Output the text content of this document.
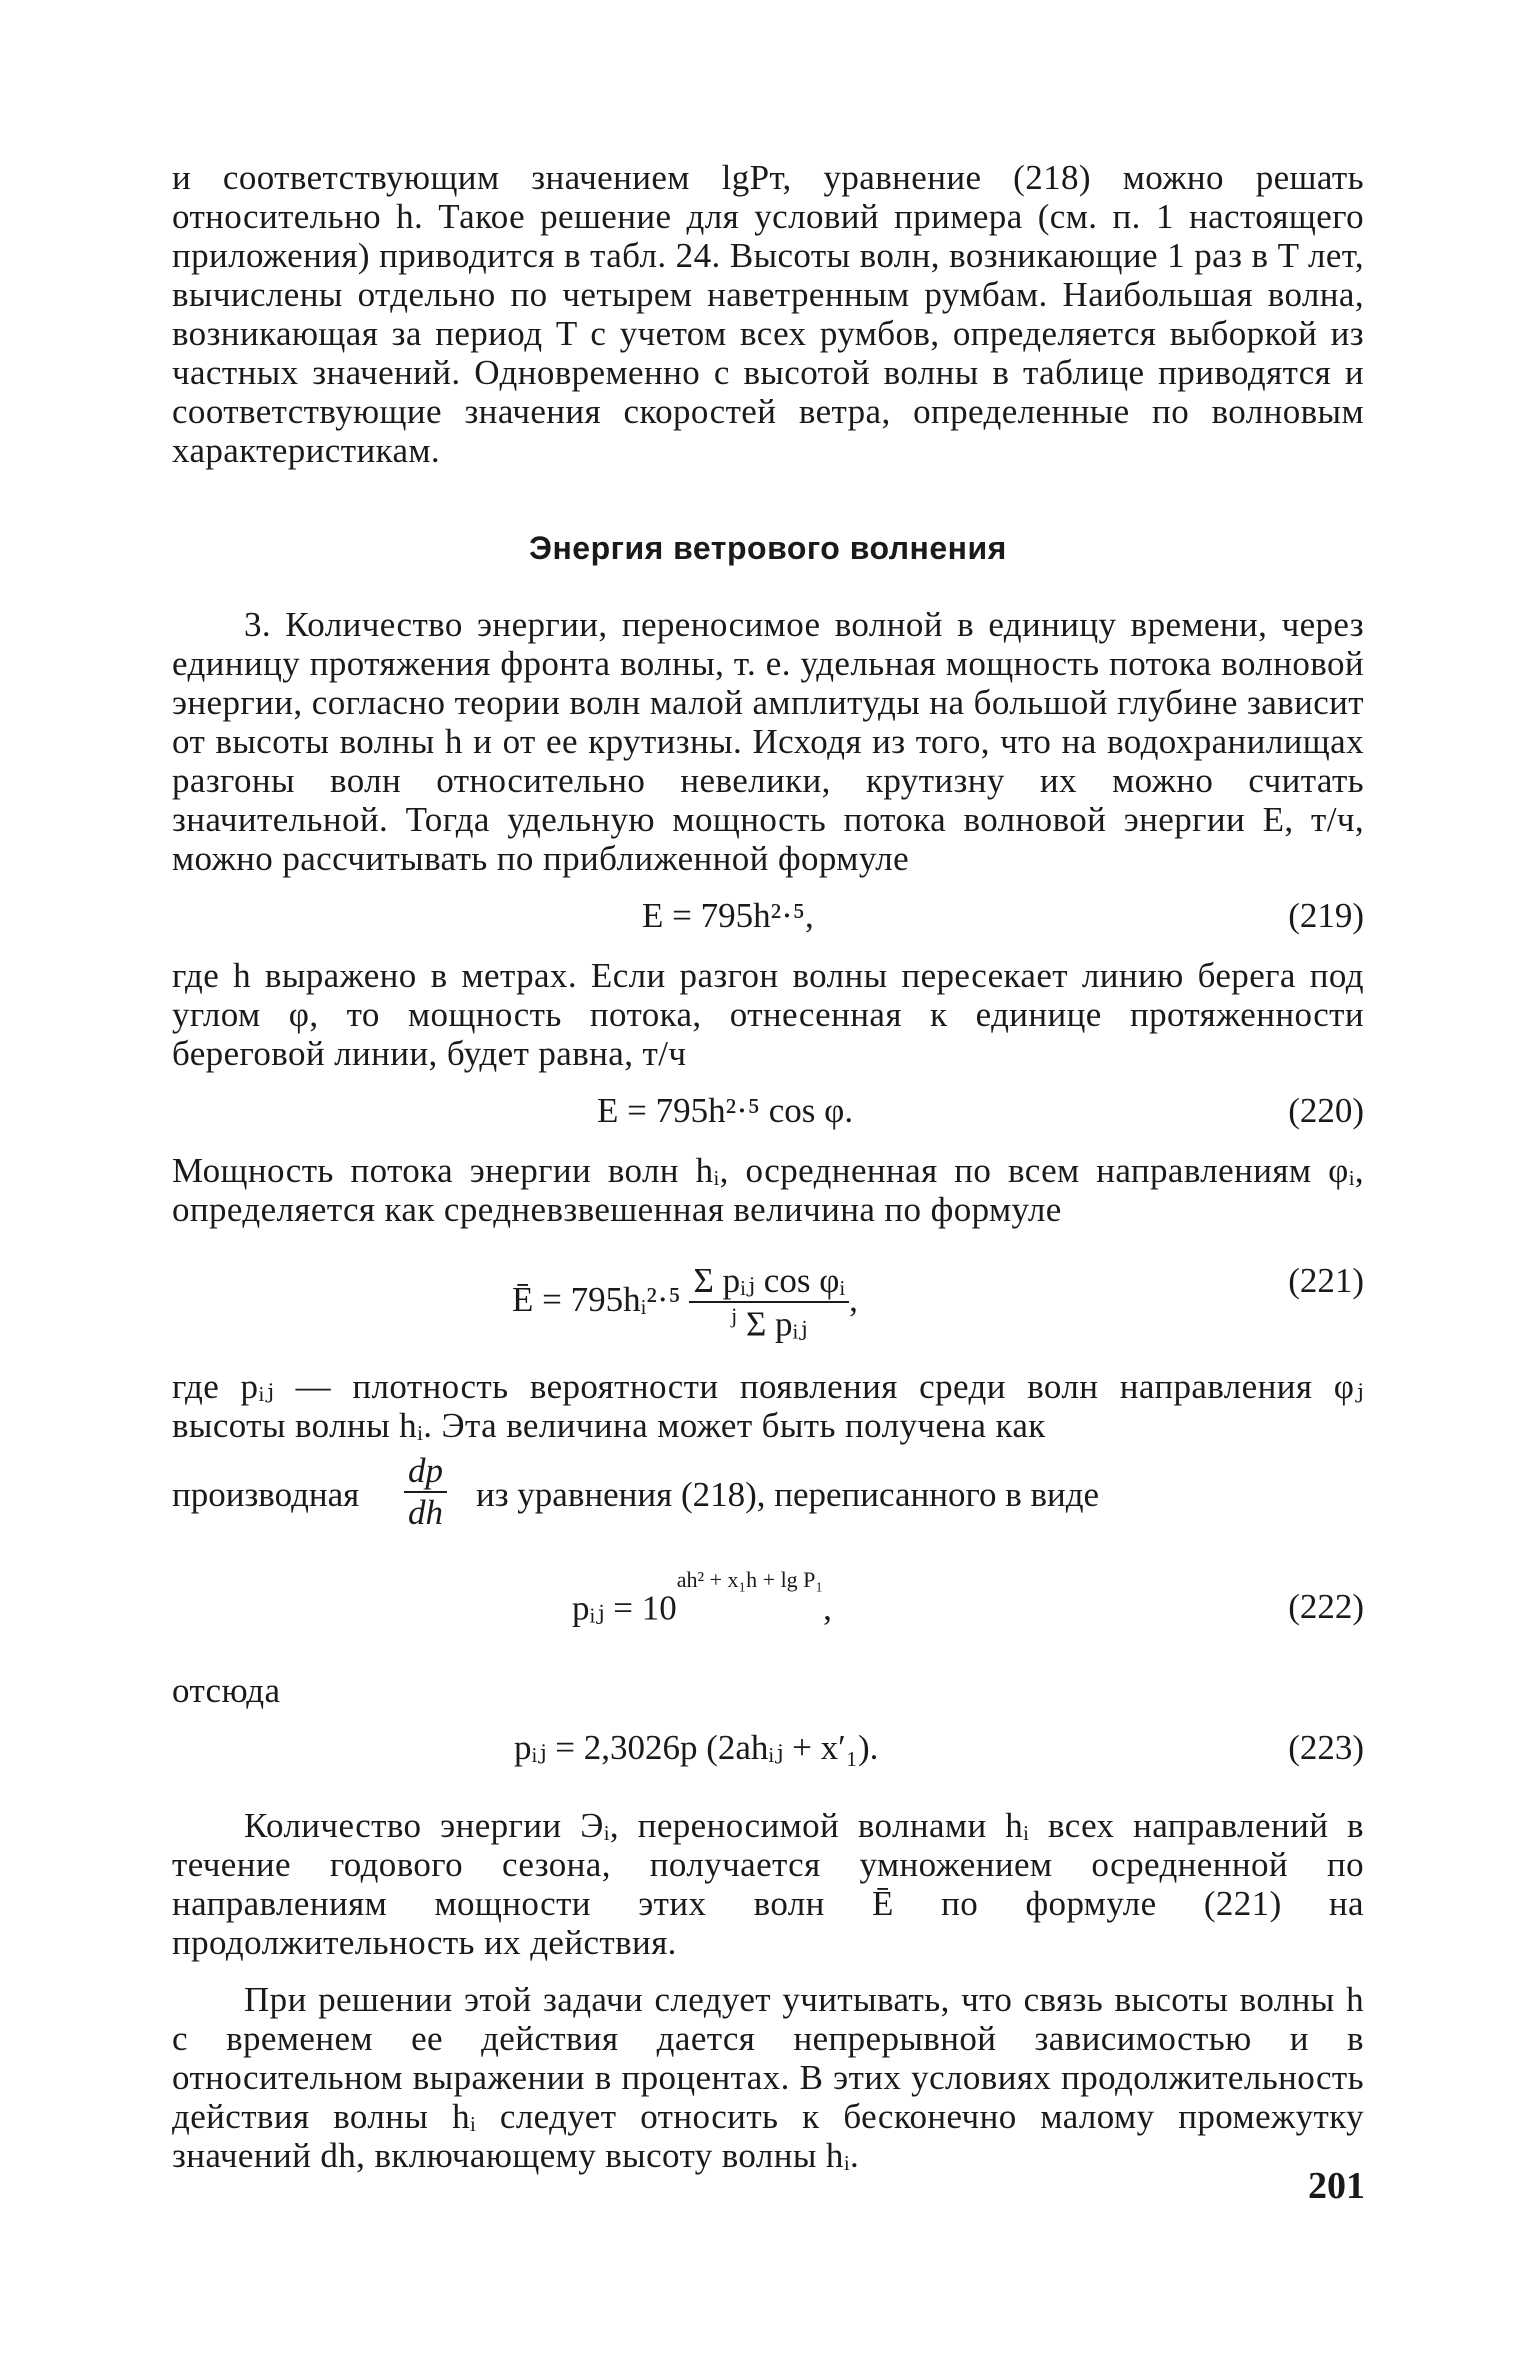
и соответствующим значением lgPт, уравнение (218) можно решать относительно h. Такое решение для условий примера (см. п. 1 настоящего приложения) приводится в табл. 24. Высоты волн, возникающие 1 раз в T лет, вычислены отдельно по четырем наветренным румбам. Наибольшая волна, возникающая за период T с учетом всех румбов, определяется выборкой из частных значений. Одновременно с высотой волны в таблице приводятся и соответствующие значения скоростей ветра, определенные по волновым характеристикам.

Энергия ветрового волнения

3. Количество энергии, переносимое волной в единицу времени, через единицу протяжения фронта волны, т. е. удельная мощность потока волновой энергии, согласно теории волн малой амплитуды на большой глубине зависит от высоты волны h и от ее крутизны. Исходя из того, что на водохранилищах разгоны волн относительно невелики, крутизну их можно считать значительной. Тогда удельную мощность потока волновой энергии E, т/ч, можно рассчитывать по приближенной формуле

E = 795h²·⁵,	(219)

где h выражено в метрах. Если разгон волны пересекает линию берега под углом φ, то мощность потока, отнесенная к единице протяженности береговой линии, будет равна, т/ч

E = 795h²·⁵ cos φ.	(220)

Мощность потока энергии волн hᵢ, осредненная по всем направлениям φᵢ, определяется как средневзвешенная величина по формуле

Ē = 795hᵢ²·⁵ $\frac{\text{Σ pᵢⱼ cos φᵢ}}{^j \Sigma pᵢⱼ}$ ,	(221)

где pᵢⱼ — плотность вероятности появления среди волн направления φⱼ высоты волны hᵢ. Эта величина может быть получена как

производная $\frac{dp}{dh}$ из уравнения (218), переписанного в виде
pᵢⱼ = $10^{ah^2 + x_1h + lg P_1}$,	(222)

отсюда

pᵢⱼ = 2,3026p (2ahᵢⱼ + x′₁).	(223)

Количество энергии Эᵢ, переносимой волнами hᵢ всех направлений в течение годового сезона, получается умножением осредненной по направлениям мощности этих волн Ē по формуле (221) на продолжительность их действия.

При решении этой задачи следует учитывать, что связь высоты волны h с временем ее действия дается непрерывной зависимостью и в относительном выражении в процентах. В этих условиях продолжительность действия волны hᵢ следует относить к бесконечно малому промежутку значений dh, включающему высоту волны hᵢ.

201
